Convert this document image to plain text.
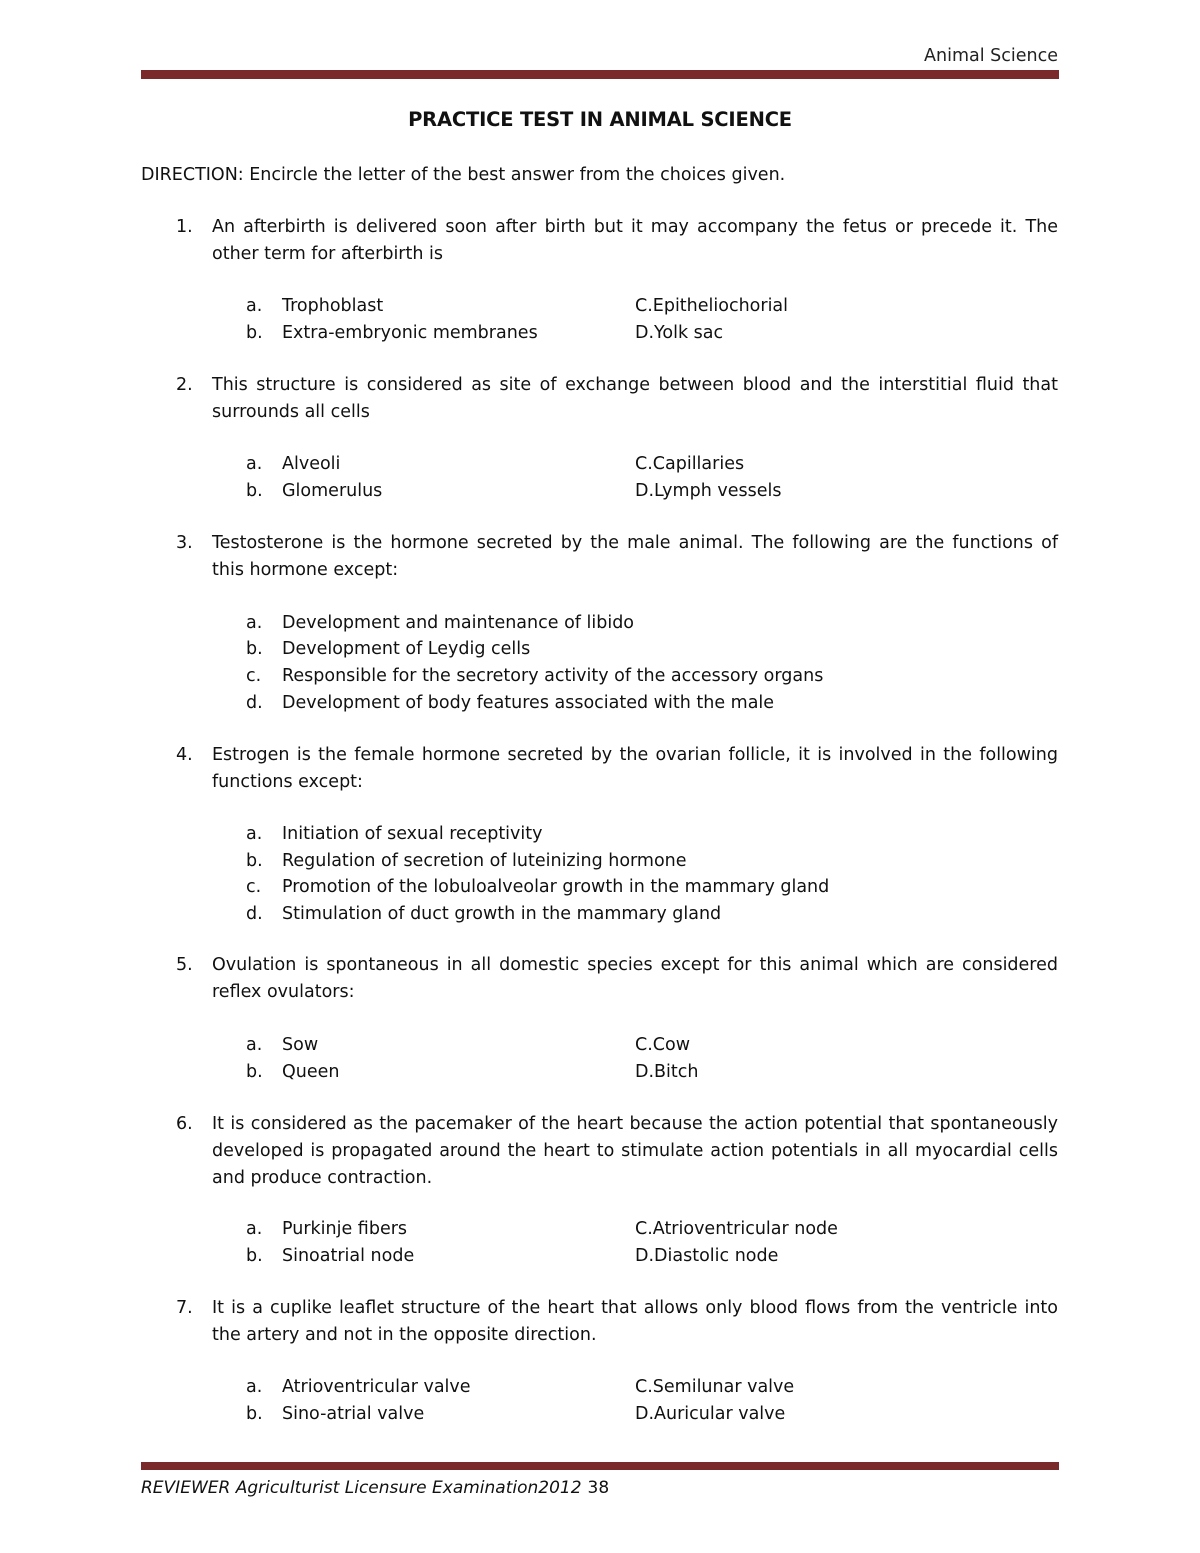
Animal Science
PRACTICE TEST IN ANIMAL SCIENCE
DIRECTION: Encircle the letter of the best answer from the choices given.
1. An afterbirth is delivered soon after birth but it may accompany the fetus or precede it. The other term for afterbirth is
a. Trophoblast
b. Extra-embryonic membranes
C.Epitheliochorial
D.Yolk sac
2. This structure is considered as site of exchange between blood and the interstitial fluid that surrounds all cells
a. Alveoli
b. Glomerulus
C.Capillaries
D.Lymph vessels
3. Testosterone is the hormone secreted by the male animal. The following are the functions of this hormone except:
a. Development and maintenance of libido
b. Development of Leydig cells
c. Responsible for the secretory activity of the accessory organs
d. Development of body features associated with the male
4. Estrogen is the female hormone secreted by the ovarian follicle, it is involved in the following functions except:
a. Initiation of sexual receptivity
b. Regulation of secretion of luteinizing hormone
c. Promotion of the lobuloalveolar growth in the mammary gland
d. Stimulation of duct growth in the mammary gland
5. Ovulation is spontaneous in all domestic species except for this animal which are considered reflex ovulators:
a. Sow
b. Queen
C.Cow
D.Bitch
6. It is considered as the pacemaker of the heart because the action potential that spontaneously developed is propagated around the heart to stimulate action potentials in all myocardial cells and produce contraction.
a. Purkinje fibers
b. Sinoatrial node
C.Atrioventricular node
D.Diastolic node
7. It is a cuplike leaflet structure of the heart that allows only blood flows from the ventricle into the artery and not in the opposite direction.
a. Atrioventricular valve
b. Sino-atrial valve
C.Semilunar valve
D.Auricular valve
REVIEWER Agriculturist Licensure Examination2012 38
